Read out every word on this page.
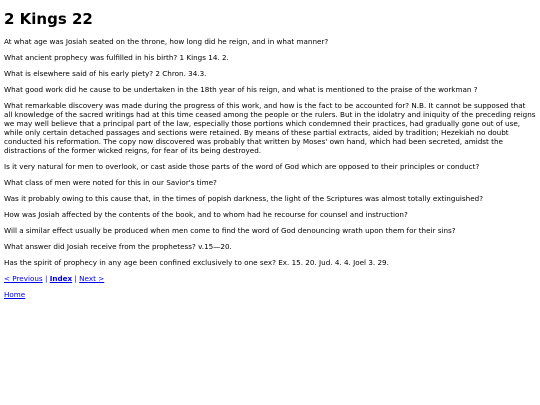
2 Kings 22

At what age was Josiah seated on the throne, how long did he reign, and in what manner?

What ancient prophecy was fulfilled in his birth? 1 Kings 14. 2.

What is elsewhere said of his early piety? 2 Chron. 34.3.

What good work did he cause to be undertaken in the 18th year of his reign, and what is mentioned to the praise of the workman ?

What remarkable discovery was made during the progress of this work, and how is the fact to be accounted for? N.B. It cannot be supposed that all knowledge of the sacred writings had at this time ceased among the people or the rulers. But in the idolatry and iniquity of the preceding reigns we may well believe that a principal part of the law, especially those portions which condemned their practices, had gradually gone out of use, while only certain detached passages and sections were retained. By means of these partial extracts, aided by tradition; Hezekiah no doubt conducted his reformation. The copy now discovered was probably that written by Moses' own hand, which had been secreted, amidst the distractions of the former wicked reigns, for fear of its being destroyed.

Is it very natural for men to overlook, or cast aside those parts of the word of God which are opposed to their principles or conduct?

What class of men were noted for this in our Savior's time?

Was it probably owing to this cause that, in the times of popish darkness, the light of the Scriptures was almost totally extinguished?

How was Josiah affected by the contents of the book, and to whom had he recourse for counsel and instruction?

Will a similar effect usually be produced when men come to find the word of God denouncing wrath upon them for their sins?

What answer did Josiah receive from the prophetess? v.15—20.

Has the spirit of prophecy in any age been confined exclusively to one sex? Ex. 15. 20. Jud. 4. 4. Joel 3. 29.

< Previous | Index | Next >
Home
